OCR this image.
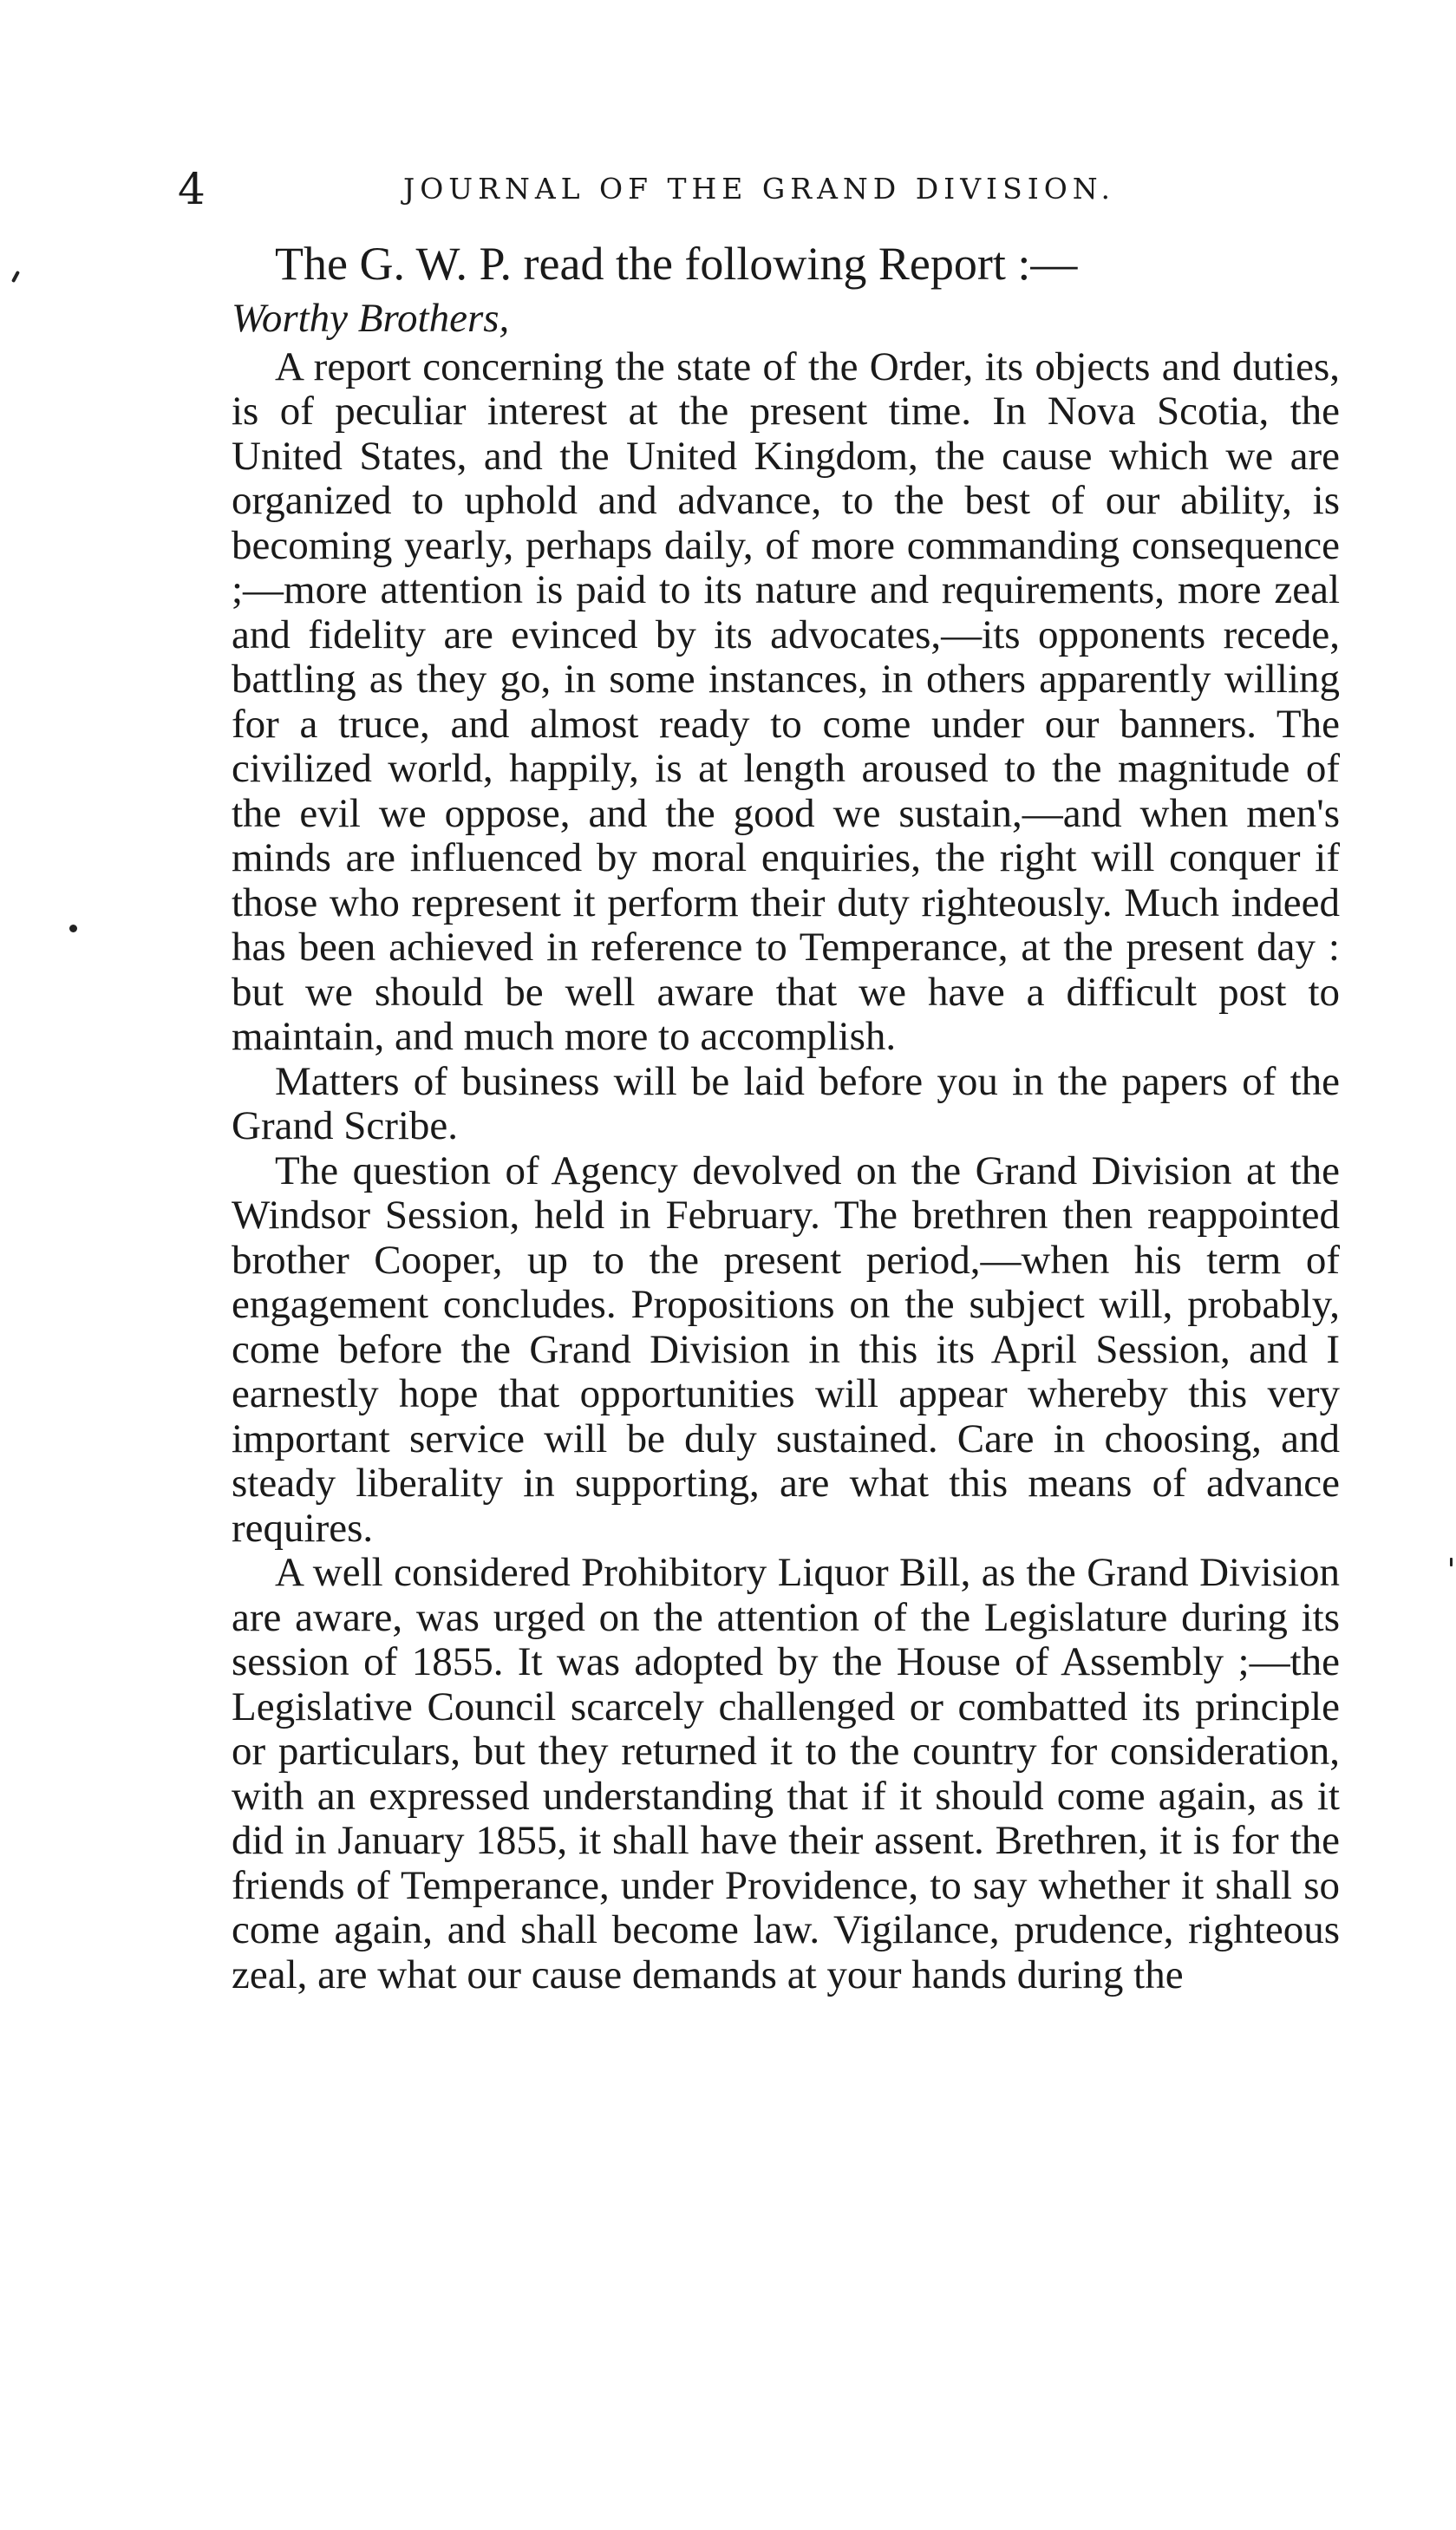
4	JOURNAL OF THE GRAND DIVISION.

The G. W. P. read the following Report :—

Worthy Brothers,

A report concerning the state of the Order, its objects and duties, is of peculiar interest at the present time. In Nova Scotia, the United States, and the United Kingdom, the cause which we are organized to uphold and advance, to the best of our ability, is becoming yearly, perhaps daily, of more commanding consequence ;—more attention is paid to its nature and requirements, more zeal and fidelity are evinced by its advocates,—its opponents recede, battling as they go, in some instances, in others apparently willing for a truce, and almost ready to come under our banners. The civilized world, happily, is at length aroused to the magnitude of the evil we oppose, and the good we sustain,—and when men's minds are influenced by moral enquiries, the right will conquer if those who represent it perform their duty righteously. Much indeed has been achieved in reference to Temperance, at the present day : but we should be well aware that we have a difficult post to maintain, and much more to accomplish.

Matters of business will be laid before you in the papers of the Grand Scribe.

The question of Agency devolved on the Grand Division at the Windsor Session, held in February. The brethren then reappointed brother Cooper, up to the present period,—when his term of engagement concludes. Propositions on the subject will, probably, come before the Grand Division in this its April Session, and I earnestly hope that opportunities will appear whereby this very important service will be duly sustained. Care in choosing, and steady liberality in supporting, are what this means of advance requires.

A well considered Prohibitory Liquor Bill, as the Grand Division are aware, was urged on the attention of the Legislature during its session of 1855. It was adopted by the House of Assembly ;—the Legislative Council scarcely challenged or combatted its principle or particulars, but they returned it to the country for consideration, with an expressed understanding that if it should come again, as it did in January 1855, it shall have their assent. Brethren, it is for the friends of Temperance, under Providence, to say whether it shall so come again, and shall become law. Vigilance, prudence, righteous zeal, are what our cause demands at your hands during the
